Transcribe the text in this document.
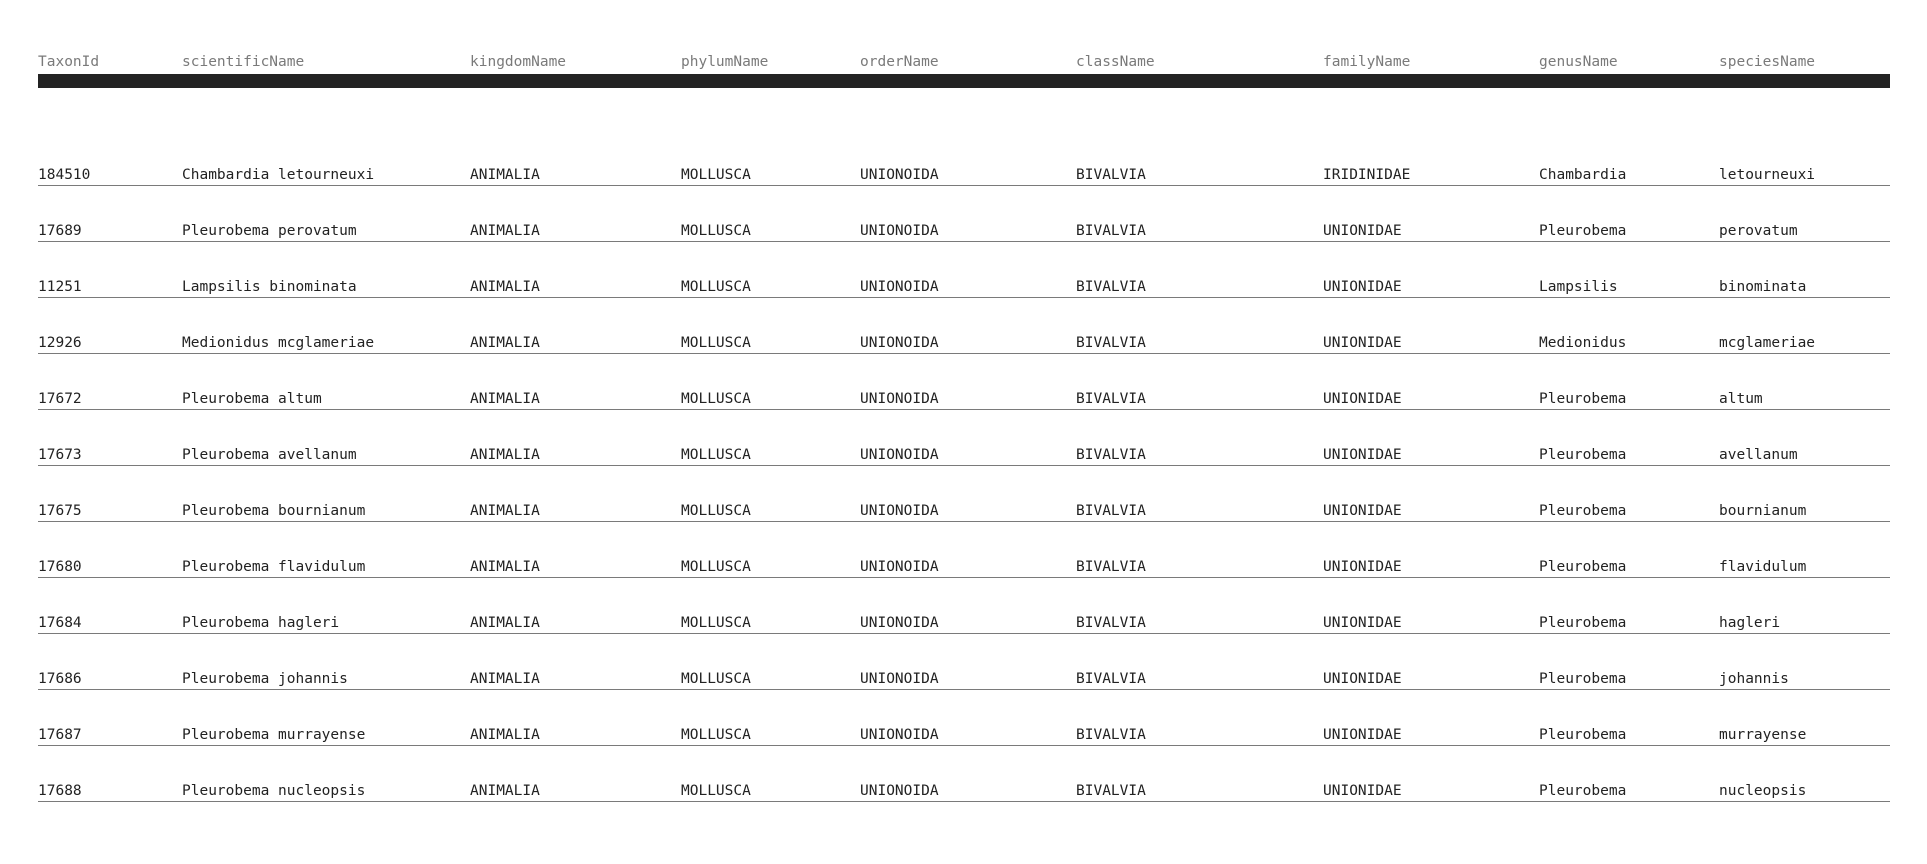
TaxonId	scientificName	kingdomName	phylumName	orderName	className	familyName	genusName	speciesName

184510	Chambardia letourneuxi	ANIMALIA	MOLLUSCA	UNIONOIDA	BIVALVIA	IRIDINIDAE	Chambardia	letourneuxi
17689	Pleurobema perovatum	ANIMALIA	MOLLUSCA	UNIONOIDA	BIVALVIA	UNIONIDAE	Pleurobema	perovatum
11251	Lampsilis binominata	ANIMALIA	MOLLUSCA	UNIONOIDA	BIVALVIA	UNIONIDAE	Lampsilis	binominata
12926	Medionidus mcglameriae	ANIMALIA	MOLLUSCA	UNIONOIDA	BIVALVIA	UNIONIDAE	Medionidus	mcglameriae
17672	Pleurobema altum	ANIMALIA	MOLLUSCA	UNIONOIDA	BIVALVIA	UNIONIDAE	Pleurobema	altum
17673	Pleurobema avellanum	ANIMALIA	MOLLUSCA	UNIONOIDA	BIVALVIA	UNIONIDAE	Pleurobema	avellanum
17675	Pleurobema bournianum	ANIMALIA	MOLLUSCA	UNIONOIDA	BIVALVIA	UNIONIDAE	Pleurobema	bournianum
17680	Pleurobema flavidulum	ANIMALIA	MOLLUSCA	UNIONOIDA	BIVALVIA	UNIONIDAE	Pleurobema	flavidulum
17684	Pleurobema hagleri	ANIMALIA	MOLLUSCA	UNIONOIDA	BIVALVIA	UNIONIDAE	Pleurobema	hagleri
17686	Pleurobema johannis	ANIMALIA	MOLLUSCA	UNIONOIDA	BIVALVIA	UNIONIDAE	Pleurobema	johannis
17687	Pleurobema murrayense	ANIMALIA	MOLLUSCA	UNIONOIDA	BIVALVIA	UNIONIDAE	Pleurobema	murrayense
17688	Pleurobema nucleopsis	ANIMALIA	MOLLUSCA	UNIONOIDA	BIVALVIA	UNIONIDAE	Pleurobema	nucleopsis
